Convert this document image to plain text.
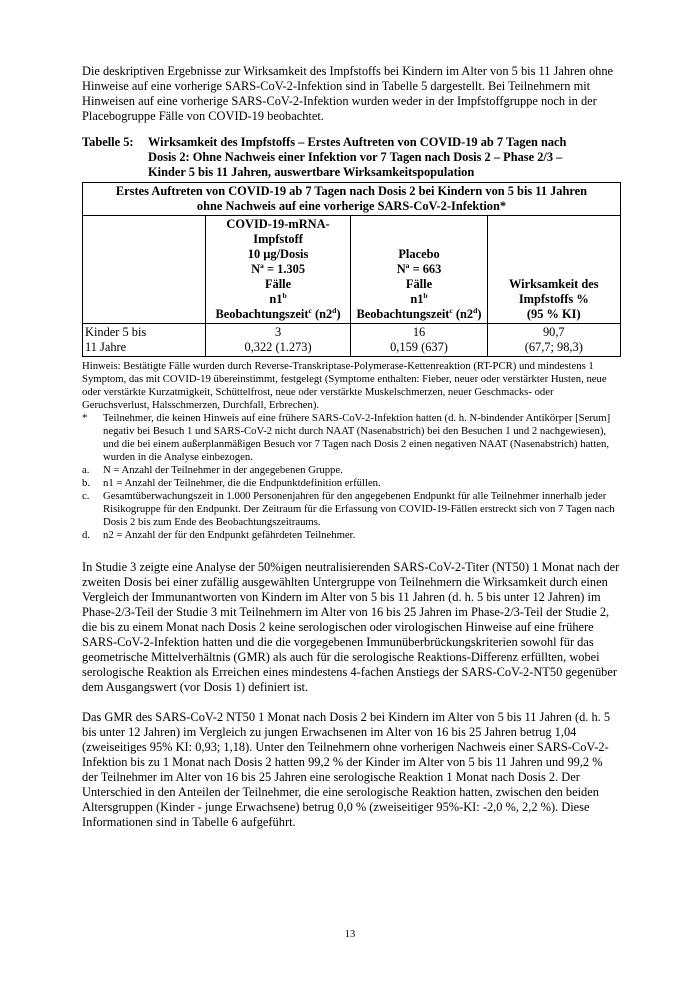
Die deskriptiven Ergebnisse zur Wirksamkeit des Impfstoffs bei Kindern im Alter von 5 bis 11 Jahren ohne Hinweise auf eine vorherige SARS-CoV-2-Infektion sind in Tabelle 5 dargestellt. Bei Teilnehmern mit Hinweisen auf eine vorherige SARS-CoV-2-Infektion wurden weder in der Impfstoffgruppe noch in der Placebogruppe Fälle von COVID-19 beobachtet.

Tabelle 5:	Wirksamkeit des Impfstoffs – Erstes Auftreten von COVID-19 ab 7 Tagen nach
Dosis 2: Ohne Nachweis einer Infektion vor 7 Tagen nach Dosis 2 – Phase 2/3 –
Kinder 5 bis 11 Jahren, auswertbare Wirksamkeitspopulation
Erstes Auftreten von COVID-19 ab 7 Tagen nach Dosis 2 bei Kindern von 5 bis 11 Jahren
ohne Nachweis auf eine vorherige SARS-CoV-2-Infektion*			
	COVID-19-mRNA-
Impfstoff
10 µg/Dosis
$N^a = 1.305$
Fälle
n1$^b$
Beobachtungszeit$^c$ (n2$^d$)	Placebo
$N^a = 663$
Fälle
n1$^b$
Beobachtungszeit$^c$ (n2$^d$)	Wirksamkeit des
Impfstoffs %
(95 % KI)
Kinder 5 bis
11 Jahre	3
0,322 (1.273)	16
0,159 (637)	90,7
(67,7; 98,3)
Hinweis: Bestätigte Fälle wurden durch Reverse-Transkriptase-Polymerase-Kettenreaktion (RT-PCR) und mindestens 1 Symptom, das mit COVID-19 übereinstimmt, festgelegt (Symptome enthalten: Fieber, neuer oder verstärkter Husten, neue oder verstärkte Kurzatmigkeit, Schüttelfrost, neue oder verstärkte Muskelschmerzen, neuer Geschmacks- oder Geruchsverlust, Halsschmerzen, Durchfall, Erbrechen).
*	Teilnehmer, die keinen Hinweis auf eine frühere SARS-CoV-2-Infektion hatten (d. h. N-bindender Antikörper [Serum] negativ bei Besuch 1 und SARS-CoV-2 nicht durch NAAT (Nasenabstrich) bei den Besuchen 1 und 2 nachgewiesen), und die bei einem außerplanmäßigen Besuch vor 7 Tagen nach Dosis 2 einen negativen NAAT (Nasenabstrich) hatten, wurden in die Analyse einbezogen.
a.	N = Anzahl der Teilnehmer in der angegebenen Gruppe.
b.	n1 = Anzahl der Teilnehmer, die die Endpunktdefinition erfüllen.
c.	Gesamtüberwachungszeit in 1.000 Personenjahren für den angegebenen Endpunkt für alle Teilnehmer innerhalb jeder Risikogruppe für den Endpunkt. Der Zeitraum für die Erfassung von COVID-19-Fällen erstreckt sich von 7 Tagen nach Dosis 2 bis zum Ende des Beobachtungszeitraums.
d.	n2 = Anzahl der für den Endpunkt gefährdeten Teilnehmer.

In Studie 3 zeigte eine Analyse der 50%igen neutralisierenden SARS-CoV-2-Titer (NT50) 1 Monat nach der zweiten Dosis bei einer zufällig ausgewählten Untergruppe von Teilnehmern die Wirksamkeit durch einen Vergleich der Immunantworten von Kindern im Alter von 5 bis 11 Jahren (d. h. 5 bis unter 12 Jahren) im Phase-2/3-Teil der Studie 3 mit Teilnehmern im Alter von 16 bis 25 Jahren im Phase-2/3-Teil der Studie 2, die bis zu einem Monat nach Dosis 2 keine serologischen oder virologischen Hinweise auf eine frühere SARS-CoV-2-Infektion hatten und die die vorgegebenen Immunüberbrückungskriterien sowohl für das geometrische Mittelverhältnis (GMR) als auch für die serologische Reaktions-Differenz erfüllten, wobei serologische Reaktion als Erreichen eines mindestens 4-fachen Anstiegs der SARS-CoV-2-NT50 gegenüber dem Ausgangswert (vor Dosis 1) definiert ist.

Das GMR des SARS-CoV-2 NT50 1 Monat nach Dosis 2 bei Kindern im Alter von 5 bis 11 Jahren (d. h. 5 bis unter 12 Jahren) im Vergleich zu jungen Erwachsenen im Alter von 16 bis 25 Jahren betrug 1,04 (zweiseitiges 95% KI: 0,93; 1,18). Unter den Teilnehmern ohne vorherigen Nachweis einer SARS-CoV-2-Infektion bis zu 1 Monat nach Dosis 2 hatten 99,2 % der Kinder im Alter von 5 bis 11 Jahren und 99,2 % der Teilnehmer im Alter von 16 bis 25 Jahren eine serologische Reaktion 1 Monat nach Dosis 2. Der Unterschied in den Anteilen der Teilnehmer, die eine serologische Reaktion hatten, zwischen den beiden Altersgruppen (Kinder - junge Erwachsene) betrug 0,0 % (zweiseitiger 95%-KI: -2,0 %, 2,2 %). Diese Informationen sind in Tabelle 6 aufgeführt.

13
